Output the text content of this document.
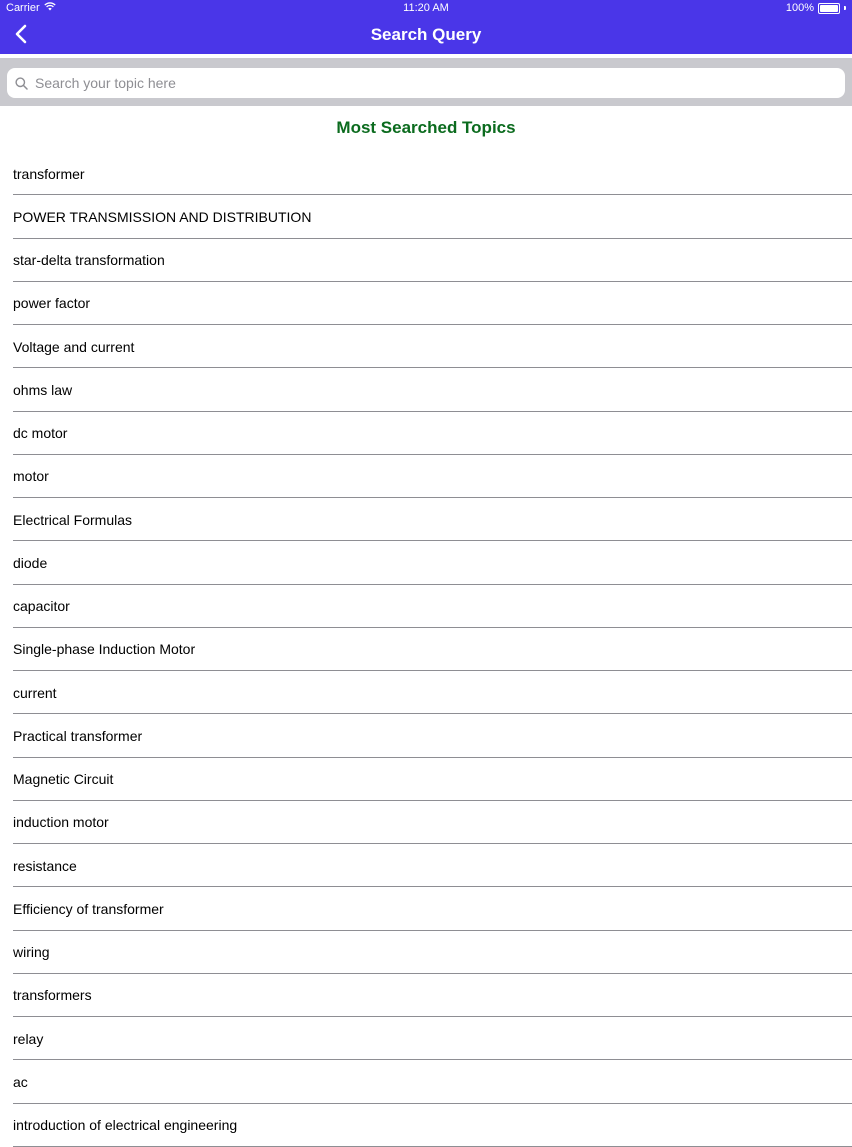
Carrier	11:20 AM	100%
Search Query
Search your topic here
Most Searched Topics
transformer
POWER TRANSMISSION AND DISTRIBUTION
star-delta transformation
power factor
Voltage and current
ohms law
dc motor
motor
Electrical Formulas
diode
capacitor
Single-phase Induction Motor
current
Practical transformer
Magnetic Circuit
induction motor
resistance
Efficiency of transformer
wiring
transformers
relay
ac
introduction of electrical engineering
